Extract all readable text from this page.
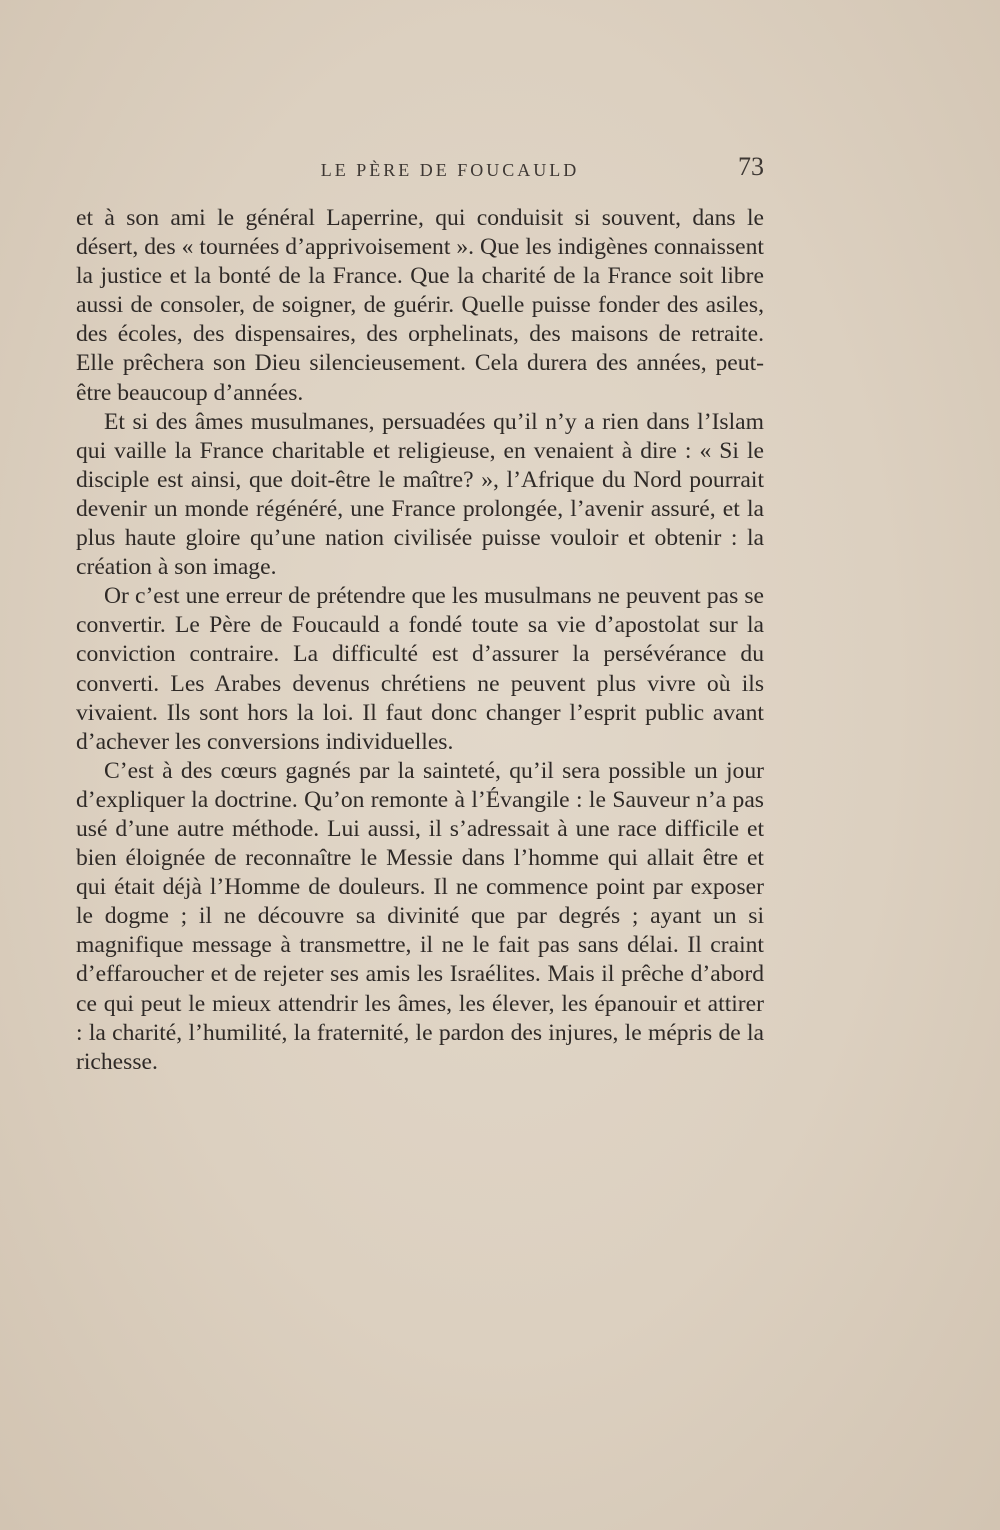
LE PÈRE DE FOUCAULD	73

et à son ami le général Laperrine, qui conduisit si souvent, dans le désert, des « tournées d’apprivoisement ». Que les indigènes connaissent la justice et la bonté de la France. Que la charité de la France soit libre aussi de consoler, de soigner, de guérir. Quelle puisse fonder des asiles, des écoles, des dispensaires, des orphelinats, des maisons de retraite. Elle prêchera son Dieu silencieusement. Cela durera des années, peut-être beaucoup d’années.

Et si des âmes musulmanes, persuadées qu’il n’y a rien dans l’Islam qui vaille la France charitable et religieuse, en venaient à dire : « Si le disciple est ainsi, que doit-être le maître? », l’Afrique du Nord pourrait devenir un monde régénéré, une France prolongée, l’avenir assuré, et la plus haute gloire qu’une nation civilisée puisse vouloir et obtenir : la création à son image.

Or c’est une erreur de prétendre que les musulmans ne peuvent pas se convertir. Le Père de Foucauld a fondé toute sa vie d’apostolat sur la conviction contraire. La difficulté est d’assurer la persévérance du converti. Les Arabes devenus chrétiens ne peuvent plus vivre où ils vivaient. Ils sont hors la loi. Il faut donc changer l’esprit public avant d’achever les conversions individuelles.

C’est à des cœurs gagnés par la sainteté, qu’il sera possible un jour d’expliquer la doctrine. Qu’on remonte à l’Évangile : le Sauveur n’a pas usé d’une autre méthode. Lui aussi, il s’adressait à une race difficile et bien éloignée de reconnaître le Messie dans l’homme qui allait être et qui était déjà l’Homme de douleurs. Il ne commence point par exposer le dogme ; il ne découvre sa divinité que par degrés ; ayant un si magnifique message à transmettre, il ne le fait pas sans délai. Il craint d’effaroucher et de rejeter ses amis les Israélites. Mais il prêche d’abord ce qui peut le mieux attendrir les âmes, les élever, les épanouir et attirer : la charité, l’humilité, la fraternité, le pardon des injures, le mépris de la richesse.
